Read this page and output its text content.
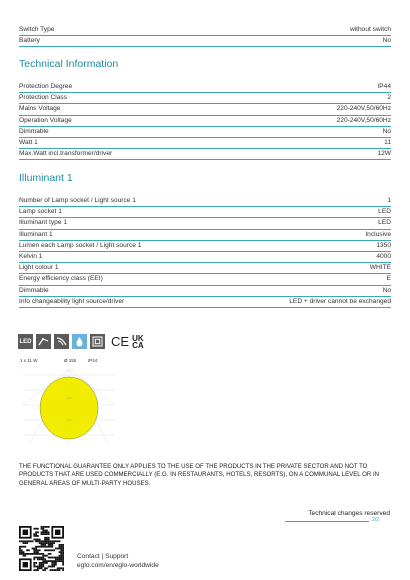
Switch Type	without switch
Battery	No
Technical Information
Protection Degree	IP44
Protection Class	2
Mains Voltage	220-240V,50/60Hz
Operation Voltage	220-240V,50/60Hz
Dimmable	No
Watt 1	11
Max.Watt incl.transformer/driver	12W
Illuminant 1
Number of Lamp socket / Light source 1	1
Lamp socket 1	LED
Illuminant type 1	LED
Illuminant 1	Inclusive
Lumen each Lamp socket / Light source 1	1350
Kelvin 1	4000
Light colour 1	WHITE
Energy efficiency class (EEI)	E
Dimmable	No
Info changeability light source/driver	LED + driver cannot be exchanged
LED	CE UK
CA
1 x 11 W	Ø 155	IP44
THE FUNCTIONAL GUARANTEE ONLY APPLIES TO THE USE OF THE PRODUCTS IN THE PRIVATE SECTOR AND NOT TO PRODUCTS THAT ARE USED COMMERCIALLY (E.G. IN RESTAURANTS, HOTELS, RESORTS), ON A COMMUNAL LEVEL OR IN GENERAL AREAS OF MULTI-PARTY HOUSES.
Technical changes reserved
2/2
Contact | Support
eglo.com/en/eglo-worldwide
